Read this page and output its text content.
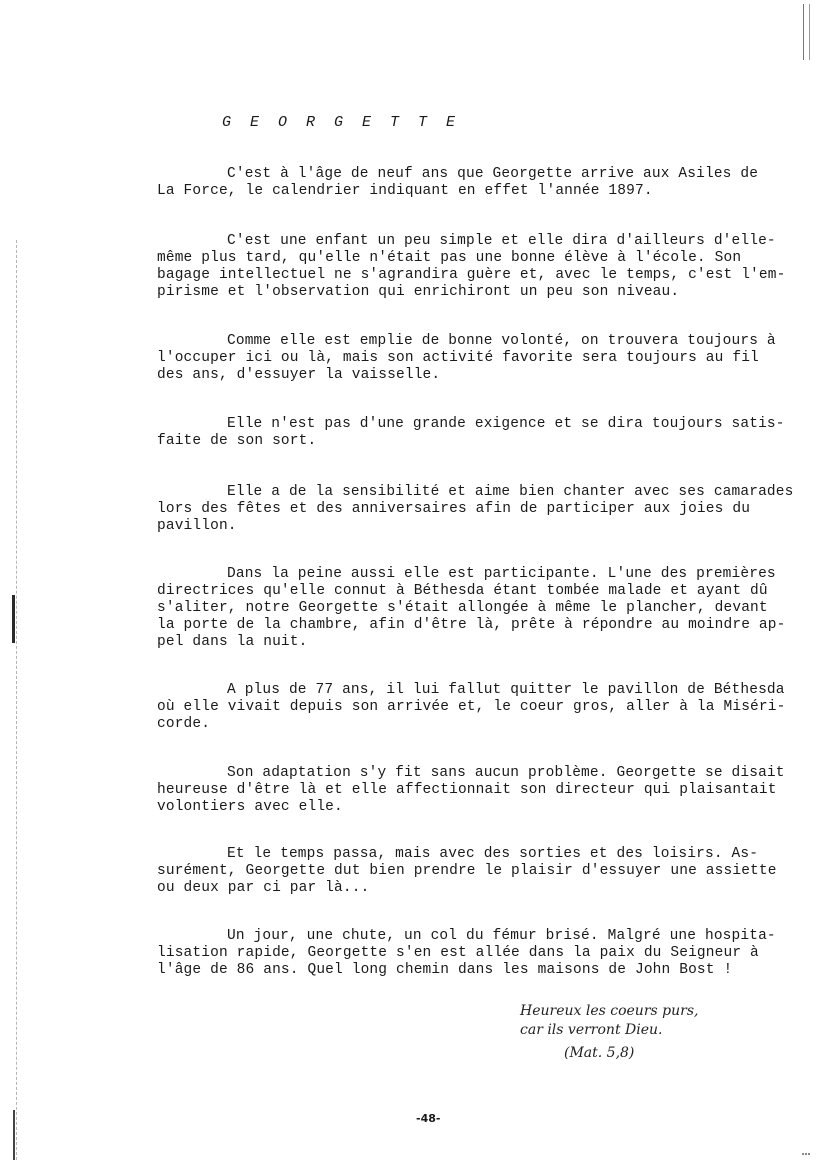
G E O R G E T T E
C'est à l'âge de neuf ans que Georgette arrive aux Asiles de
La Force, le calendrier indiquant en effet l'année 1897.
C'est une enfant un peu simple et elle dira d'ailleurs d'elle-
même plus tard, qu'elle n'était pas une bonne élève à l'école. Son
bagage intellectuel ne s'agrandira guère et, avec le temps, c'est l'em-
pirisme et l'observation qui enrichiront un peu son niveau.
Comme elle est emplie de bonne volonté, on trouvera toujours à
l'occuper ici ou là, mais son activité favorite sera toujours au fil
des ans, d'essuyer la vaisselle.
Elle n'est pas d'une grande exigence et se dira toujours satis-
faite de son sort.
Elle a de la sensibilité et aime bien chanter avec ses camarades
lors des fêtes et des anniversaires afin de participer aux joies du
pavillon.
Dans la peine aussi elle est participante. L'une des premières
directrices qu'elle connut à Béthesda étant tombée malade et ayant dû
s'aliter, notre Georgette s'était allongée à même le plancher, devant
la porte de la chambre, afin d'être là, prête à répondre au moindre ap-
pel dans la nuit.
A plus de 77 ans, il lui fallut quitter le pavillon de Béthesda
où elle vivait depuis son arrivée et, le coeur gros, aller à la Miséri-
corde.
Son adaptation s'y fit sans aucun problème. Georgette se disait
heureuse d'être là et elle affectionnait son directeur qui plaisantait
volontiers avec elle.
Et le temps passa, mais avec des sorties et des loisirs. As-
surément, Georgette dut bien prendre le plaisir d'essuyer une assiette
ou deux par ci par là...
Un jour, une chute, un col du fémur brisé. Malgré une hospita-
lisation rapide, Georgette s'en est allée dans la paix du Seigneur à
l'âge de 86 ans. Quel long chemin dans les maisons de John Bost !
Heureux les coeurs purs,
car ils verront Dieu.
(Mat. 5,8)
-48-
